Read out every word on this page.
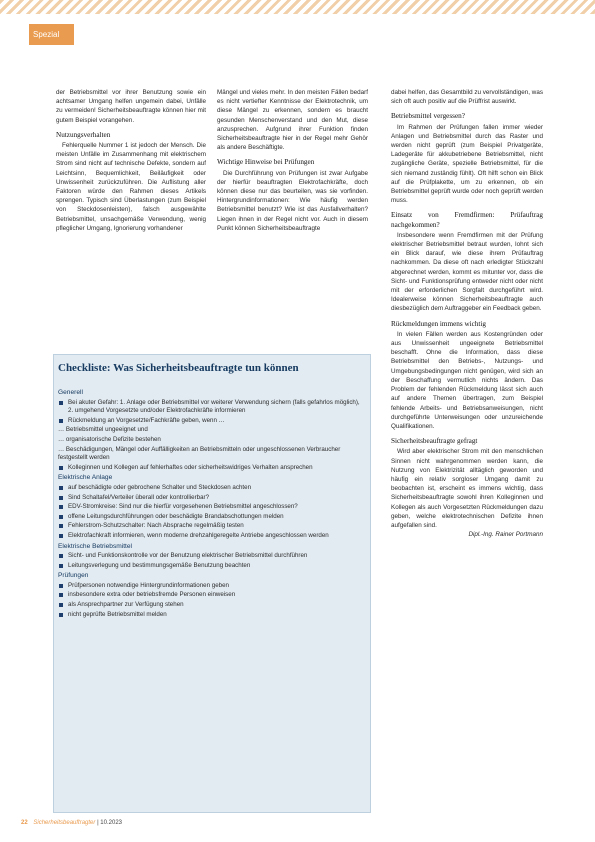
Spezial

der Betriebsmittel vor ihrer Benutzung sowie ein achtsamer Umgang helfen ungemein dabei, Unfälle zu vermeiden! Sicherheitsbeauftragte können hier mit gutem Beispiel vorangehen.

Nutzungsverhalten

Fehlerquelle Nummer 1 ist jedoch der Mensch. Die meisten Unfälle im Zusammenhang mit elektrischem Strom sind nicht auf technische Defekte, sondern auf Leichtsinn, Bequemlichkeit, Beiläufigkeit oder Unwissenheit zurückzuführen. Die Auflistung aller Faktoren würde den Rahmen dieses Artikels sprengen. Typisch sind Überlastungen (zum Beispiel von Steckdosenleisten), falsch ausgewählte Betriebsmittel, unsachgemäße Verwendung, wenig pfleglicher Umgang, Ignorierung vorhandener

Mängel und vieles mehr. In den meisten Fällen bedarf es nicht vertiefter Kenntnisse der Elektrotechnik, um diese Mängel zu erkennen, sondern es braucht gesunden Menschenverstand und den Mut, diese anzusprechen. Aufgrund ihrer Funktion finden Sicherheitsbeauftragte hier in der Regel mehr Gehör als andere Beschäftigte.

Wichtige Hinweise bei Prüfungen

Die Durchführung von Prüfungen ist zwar Aufgabe der hierfür beauftragten Elektrofachkräfte, doch können diese nur das beurteilen, was sie vorfinden. Hintergrundinformationen: Wie häufig werden Betriebsmittel benutzt? Wie ist das Ausfallverhalten? Liegen ihnen in der Regel nicht vor. Auch in diesem Punkt können Sicherheitsbeauftragte

dabei helfen, das Gesamtbild zu vervollständigen, was sich oft auch positiv auf die Prüffrist auswirkt.

Betriebsmittel vergessen?

Im Rahmen der Prüfungen fallen immer wieder Anlagen und Betriebsmittel durch das Raster und werden nicht geprüft (zum Beispiel Privatgeräte, Ladegeräte für akkubetriebene Betriebsmittel, nicht zugängliche Geräte, spezielle Betriebsmittel, für die sich niemand zuständig fühlt). Oft hilft schon ein Blick auf die Prüfplakette, um zu erkennen, ob ein Betriebsmittel geprüft wurde oder noch geprüft werden muss.

Einsatz von Fremdfirmen: Prüfauftrag nachgekommen?

Insbesondere wenn Fremdfirmen mit der Prüfung elektrischer Betriebsmittel betraut wurden, lohnt sich ein Blick darauf, wie diese ihrem Prüfauftrag nachkommen. Da diese oft nach erledigter Stückzahl abgerechnet werden, kommt es mitunter vor, dass die Sicht- und Funktionsprüfung entweder nicht oder nicht mit der erforderlichen Sorgfalt durchgeführt wird. Idealerweise können Sicherheitsbeauftragte auch diesbezüglich dem Auftraggeber ein Feedback geben.

Rückmeldungen immens wichtig

In vielen Fällen werden aus Kostengründen oder aus Unwissenheit ungeeignete Betriebsmittel beschafft. Ohne die Information, dass diese Betriebsmittel den Betriebs-, Nutzungs- und Umgebungsbedingungen nicht genügen, wird sich an der Beschaffung vermutlich nichts ändern. Das Problem der fehlenden Rückmeldung lässt sich auch auf andere Themen übertragen, zum Beispiel fehlende Arbeits- und Betriebsanweisungen, nicht durchgeführte Unterweisungen oder unzureichende Qualifikationen.

Sicherheitsbeauftragte gefragt

Wird aber elektrischer Strom mit den menschlichen Sinnen nicht wahrgenommen werden kann, die Nutzung von Elektrizität alltäglich geworden und häufig ein relativ sorgloser Umgang damit zu beobachten ist, erscheint es immens wichtig, dass Sicherheitsbeauftragte sowohl ihren Kolleginnen und Kollegen als auch Vorgesetzten Rückmeldungen dazu geben, welche elektrotechnischen Defizite ihnen aufgefallen sind.

Dipl.-Ing. Rainer Portmann
Checkliste: Was Sicherheitsbeauftragte tun können
Generell
Bei akuter Gefahr: 1. Anlage oder Betriebsmittel vor weiterer Verwendung sichern (falls gefahrlos möglich), 2. umgehend Vorgesetzte und/oder Elektrofachkräfte informieren
Rückmeldung an Vorgesetzte/Fachkräfte geben, wenn …
… Betriebsmittel ungeeignet und
… organisatorische Defizite bestehen
… Beschädigungen, Mängel oder Auffälligkeiten an Betriebsmitteln oder ungeschlossenen Verbraucher festgestellt werden
Kolleginnen und Kollegen auf fehlerhaftes oder sicherheitswidriges Verhalten ansprechen
Elektrische Anlage
auf beschädigte oder gebrochene Schalter und Steckdosen achten
Sind Schaltafel/Verteiler überall oder kontrollierbar?
EDV-Stromkreise: Sind nur die hierfür vorgesehenen Betriebsmittel angeschlossen?
offene Leitungsdurchführungen oder beschädigte Brandabschottungen melden
Fehlerstrom-Schutzschalter: Nach Absprache regelmäßig testen
Elektrofachkraft informieren, wenn moderne drehzahlgeregelte Antriebe angeschlossen werden
Elektrische Betriebsmittel
Sicht- und Funktionskontrolle vor der Benutzung elektrischer Betriebsmittel durchführen
Leitungsverlegung und bestimmungsgemäße Benutzung beachten
Prüfungen
Prüfpersonen notwendige Hintergrundinformationen geben
insbesondere extra oder betriebsfremde Personen einweisen
als Ansprechpartner zur Verfügung stehen
nicht geprüfte Betriebsmittel melden
22 Sicherheitsbeauftragter | 10.2023
